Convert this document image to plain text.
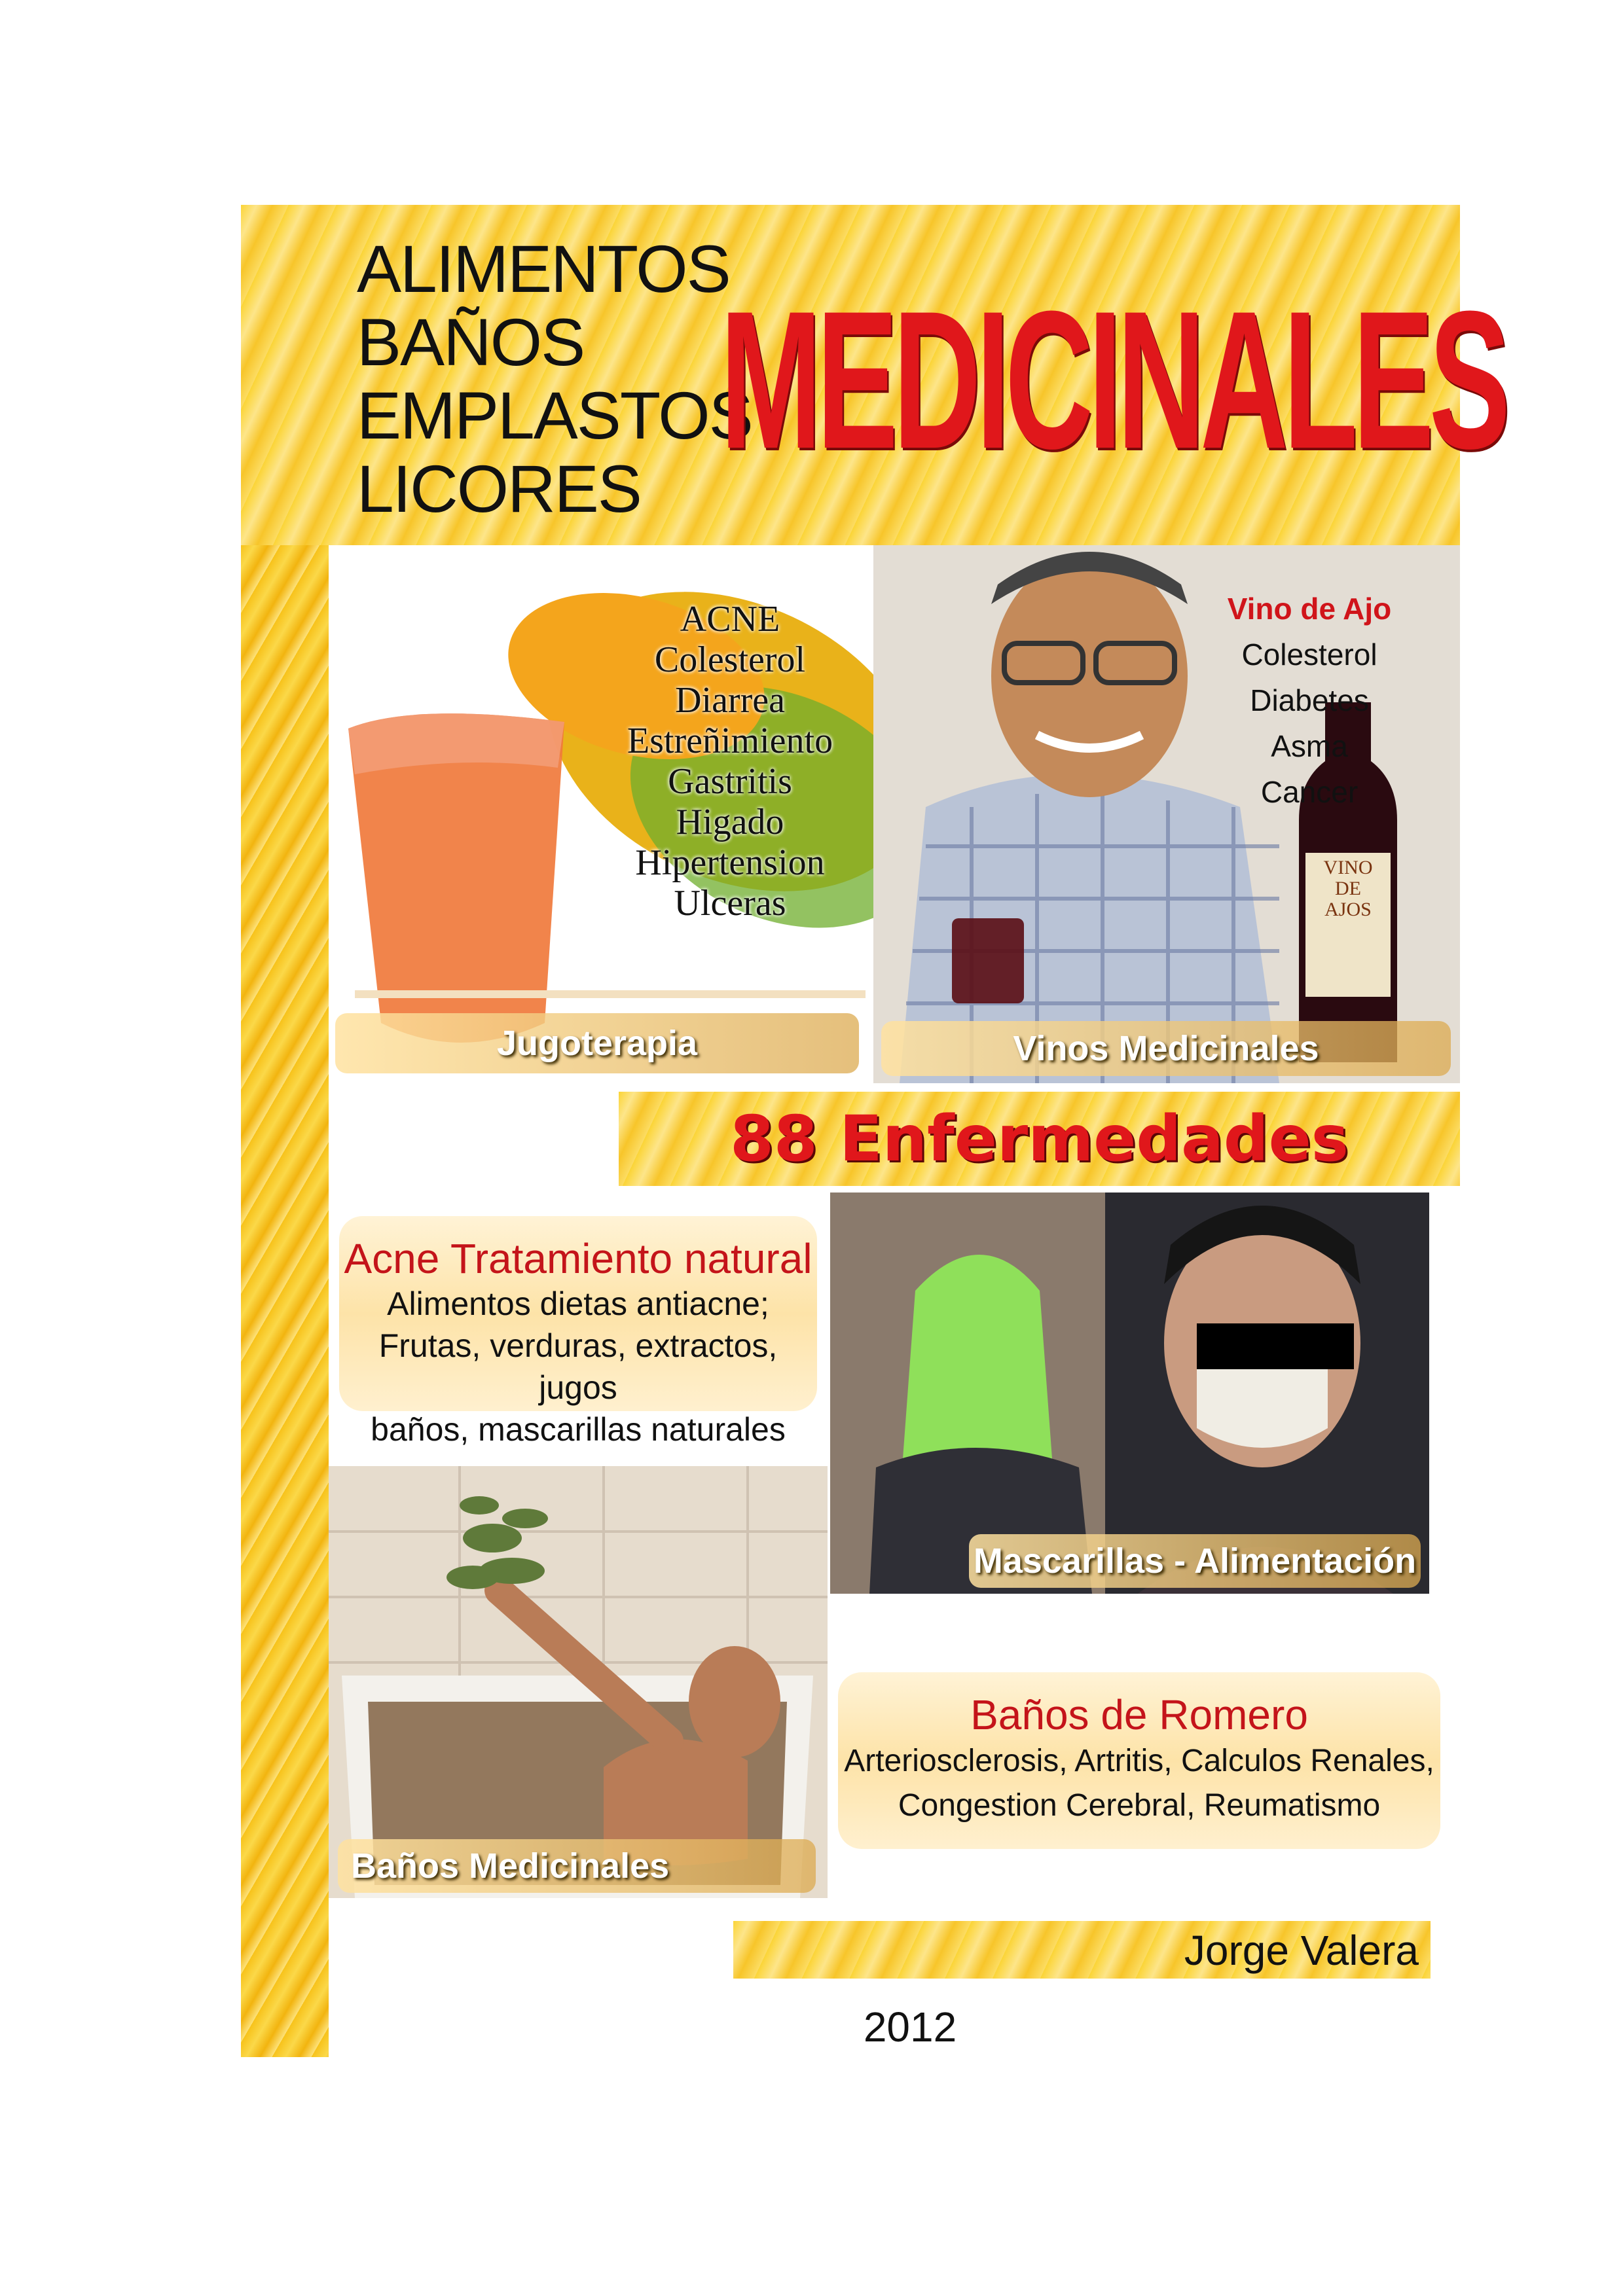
ALIMENTOS
BAÑOS
EMPLASTOS
LICORES MEDICINALES
ACNE
Colesterol
Diarrea
Estreñimiento
Gastritis
Higado
Hipertension
Ulceras
Jugoterapia
VINO
DE
AJOS
Vino de Ajo
Colesterol
Diabetes
Asma
Cancer
Vinos Medicinales
88 Enfermedades
Acne Tratamiento natural
Alimentos dietas antiacne;
Frutas, verduras, extractos, jugos
baños, mascarillas naturales
Mascarillas - Alimentación
Baños Medicinales
Baños de Romero
Arteriosclerosis, Artritis, Calculos Renales,
Congestion Cerebral, Reumatismo
Jorge Valera
2012
